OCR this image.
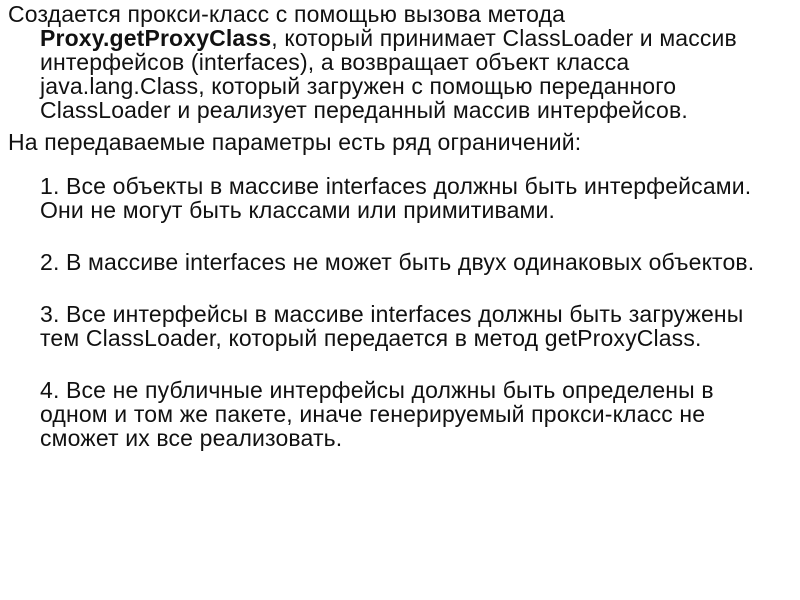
Создается прокси-класс с помощью вызова метода
Proxy.getProxyClass, который принимает ClassLoader и массив интерфейсов (interfaces), а возвращает объект класса java.lang.Class, который загружен с помощью переданного ClassLoader и реализует переданный массив интерфейсов.

На передаваемые параметры есть ряд ограничений:

1. Все объекты в массиве interfaces должны быть интерфейсами. Они не могут быть классами или примитивами.
2. В массиве interfaces не может быть двух одинаковых объектов.
3. Все интерфейсы в массиве interfaces должны быть загружены тем ClassLoader, который передается в метод getProxyClass.
4. Все не публичные интерфейсы должны быть определены в одном и том же пакете, иначе генерируемый прокси-класс не сможет их все реализовать.
